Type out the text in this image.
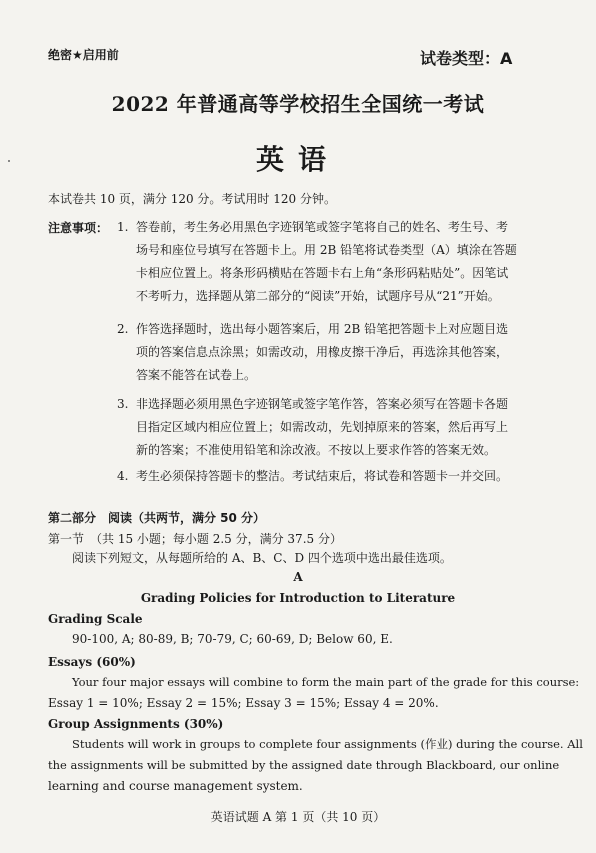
绝密★启用前	试卷类型：A
2022 年普通高等学校招生全国统一考试
英语
本试卷共 10 页，满分 120 分。考试用时 120 分钟。
注意事项： 1. 答卷前，考生务必用黑色字迹钢笔或签字笔将自己的姓名、考生号、考
场号和座位号填写在答题卡上。用 2B 铅笔将试卷类型（A）填涂在答题
卡相应位置上。将条形码横贴在答题卡右上角“条形码粘贴处”。因笔试
不考听力，选择题从第二部分的“阅读”开始，试题序号从“21”开始。
2. 作答选择题时，选出每小题答案后，用 2B 铅笔把答题卡上对应题目选
项的答案信息点涂黑；如需改动，用橡皮擦干净后，再选涂其他答案，
答案不能答在试卷上。
3. 非选择题必须用黑色字迹钢笔或签字笔作答，答案必须写在答题卡各题
目指定区域内相应位置上；如需改动，先划掉原来的答案，然后再写上
新的答案；不准使用铅笔和涂改液。不按以上要求作答的答案无效。
4. 考生必须保持答题卡的整洁。考试结束后，将试卷和答题卡一并交回。
第二部分　阅读（共两节，满分 50 分）
第一节　（共 15 小题；每小题 2.5 分，满分 37.5 分）
阅读下列短文，从每题所给的 A、B、C、D 四个选项中选出最佳选项。
A
Grading Policies for Introduction to Literature
Grading Scale
90-100, A; 80-89, B; 70-79, C; 60-69, D; Below 60, E.
Essays (60%)
Your four major essays will combine to form the main part of the grade for this course:
Essay 1 = 10%; Essay 2 = 15%; Essay 3 = 15%; Essay 4 = 20%.
Group Assignments (30%)
Students will work in groups to complete four assignments (作业) during the course. All
the assignments will be submitted by the assigned date through Blackboard, our online
learning and course management system.
英语试题 A 第 1 页（共 10 页）
